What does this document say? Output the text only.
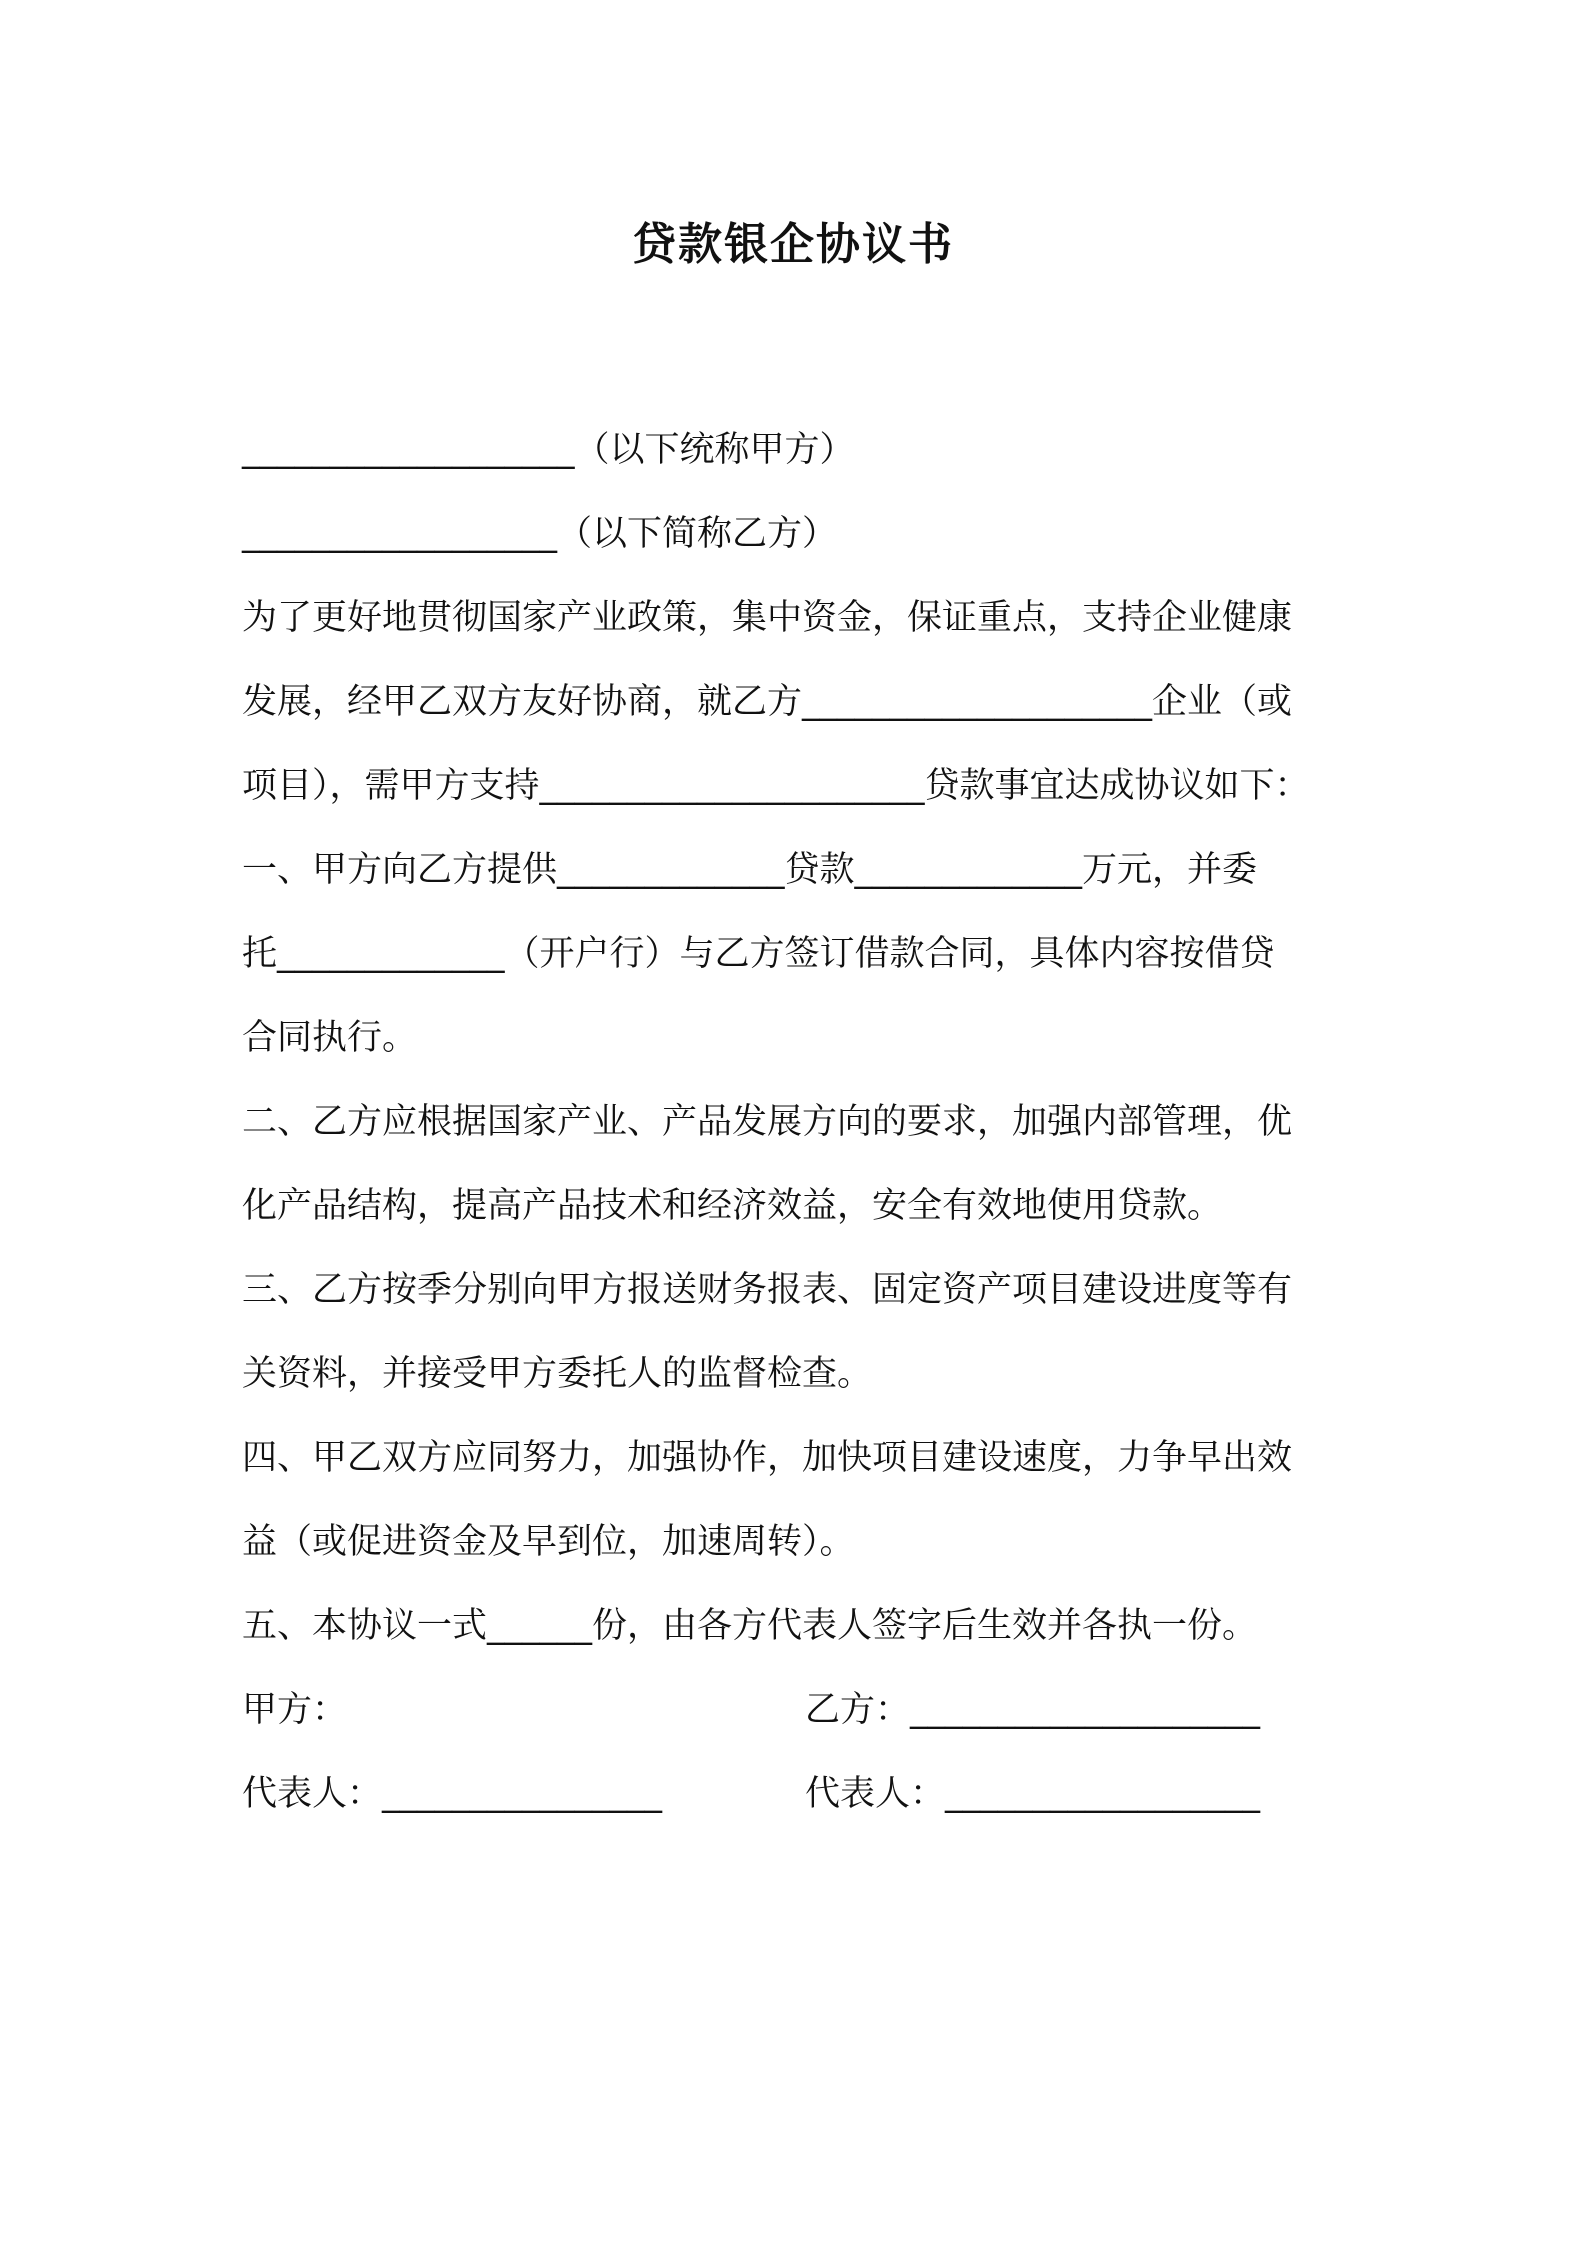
贷款银企协议书
___________________（以下统称甲方）
__________________（以下简称乙方）
为了更好地贯彻国家产业政策，集中资金，保证重点，支持企业健康
发展，经甲乙双方友好协商，就乙方____________________企业（或
项目），需甲方支持______________________贷款事宜达成协议如下：
一、甲方向乙方提供_____________贷款_____________万元，并委
托_____________（开户行）与乙方签订借款合同，具体内容按借贷
合同执行。
二、乙方应根据国家产业、产品发展方向的要求，加强内部管理，优
化产品结构，提高产品技术和经济效益，安全有效地使用贷款。
三、乙方按季分别向甲方报送财务报表、固定资产项目建设进度等有
关资料，并接受甲方委托人的监督检查。
四、甲乙双方应同努力，加强协作，加快项目建设速度，力争早出效
益（或促进资金及早到位，加速周转）。
五、本协议一式______份，由各方代表人签字后生效并各执一份。
甲方：	乙方：____________________
代表人：________________	代表人：__________________
